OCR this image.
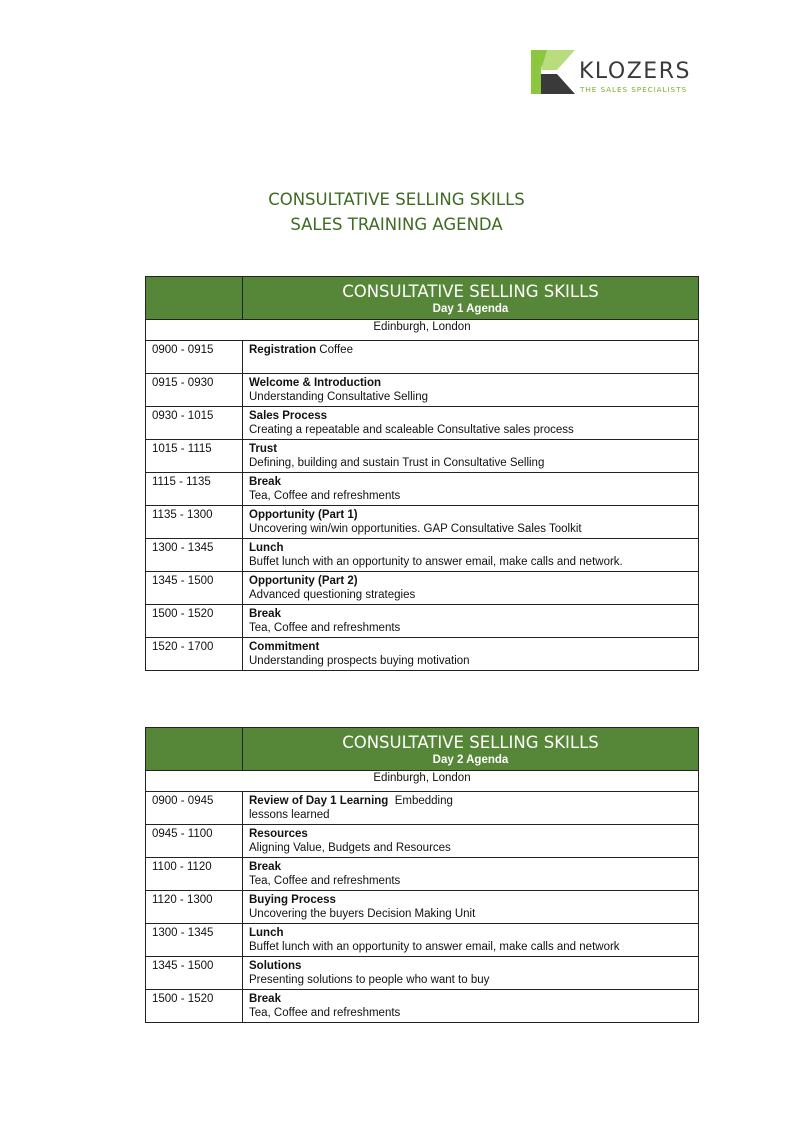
KLOZERS
THE SALES SPECIALISTS
CONSULTATIVE SELLING SKILLS
SALES TRAINING AGENDA

	CONSULTATIVE SELLING SKILLS
Day 1 Agenda

Edinburgh, London	
0900 - 0915	Registration Coffee

0915 - 0930	Welcome & Introduction
Understanding Consultative Selling

0930 - 1015	Sales Process
Creating a repeatable and scaleable Consultative sales process

1015 - 1115	Trust
Defining, building and sustain Trust in Consultative Selling

1115 - 1135	Break
Tea, Coffee and refreshments

1135 - 1300	Opportunity (Part 1)
Uncovering win/win opportunities. GAP Consultative Sales Toolkit

1300 - 1345	Lunch
Buffet lunch with an opportunity to answer email, make calls and network.

1345 - 1500	Opportunity (Part 2)
Advanced questioning strategies

1500 - 1520	Break
Tea, Coffee and refreshments

1520 - 1700	Commitment
Understanding prospects buying motivation

	CONSULTATIVE SELLING SKILLS
Day 2 Agenda

Edinburgh, London	
0900 - 0945	Review of Day 1 Learning  Embedding
lessons learned

0945 - 1100	Resources
Aligning Value, Budgets and Resources

1100 - 1120	Break
Tea, Coffee and refreshments

1120 - 1300	Buying Process
Uncovering the buyers Decision Making Unit

1300 - 1345	Lunch
Buffet lunch with an opportunity to answer email, make calls and network

1345 - 1500	Solutions
Presenting solutions to people who want to buy

1500 - 1520	Break
Tea, Coffee and refreshments
